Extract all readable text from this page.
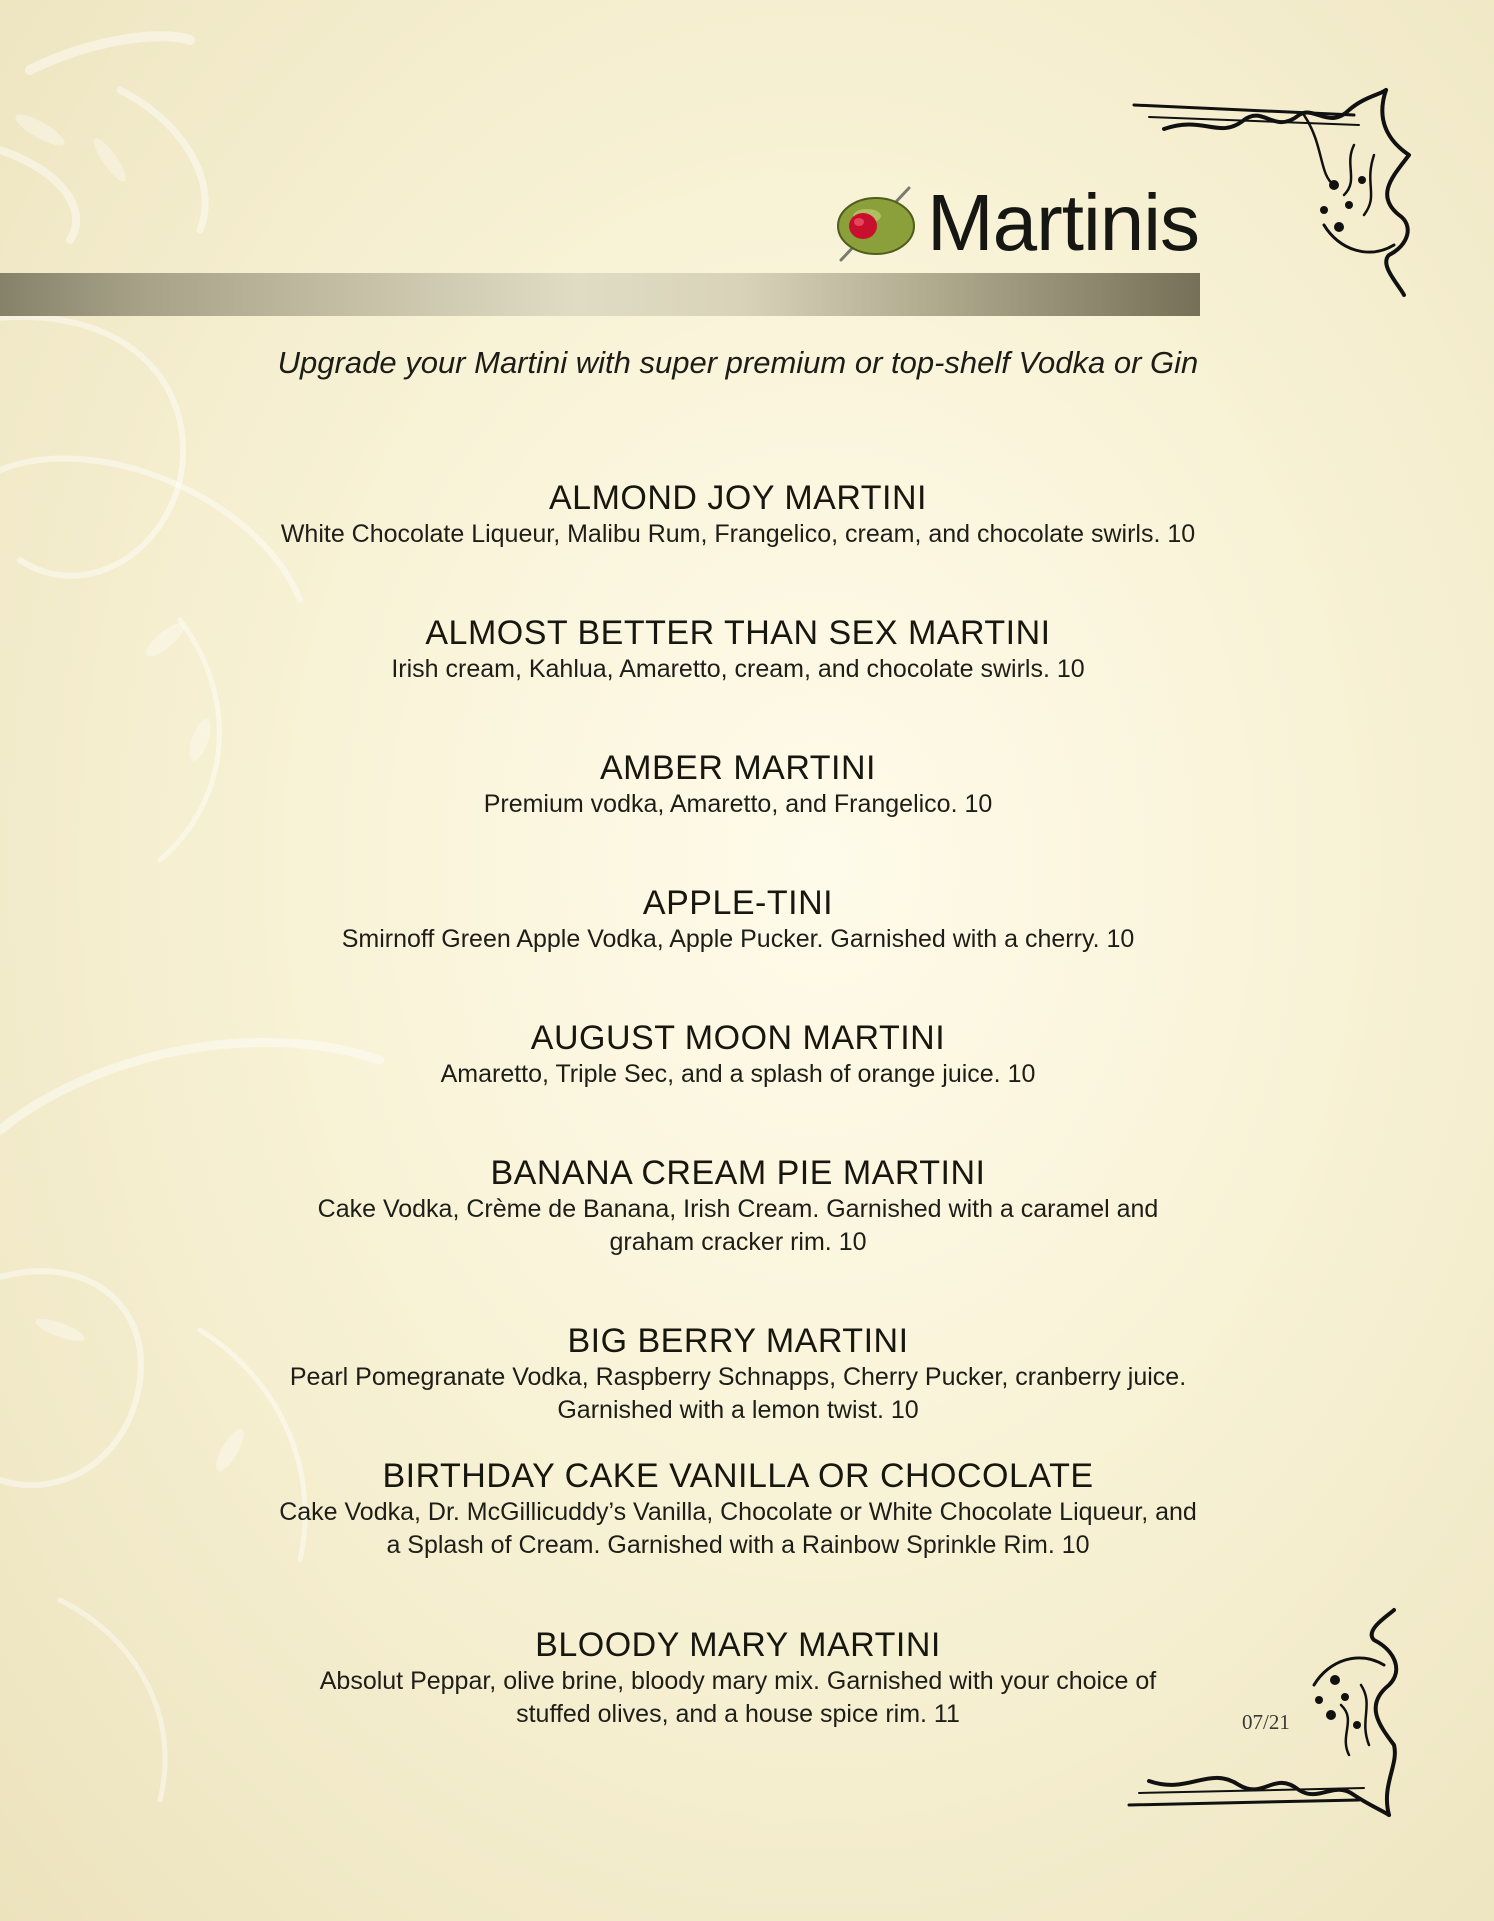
Martinis
Upgrade your Martini with super premium or top-shelf Vodka or Gin
ALMOND JOY MARTINI
White Chocolate Liqueur, Malibu Rum, Frangelico, cream, and chocolate swirls. 10
ALMOST BETTER THAN SEX MARTINI
Irish cream, Kahlua, Amaretto, cream, and chocolate swirls. 10
AMBER MARTINI
Premium vodka, Amaretto, and Frangelico. 10
APPLE-TINI
Smirnoff Green Apple Vodka, Apple Pucker. Garnished with a cherry. 10
AUGUST MOON MARTINI
Amaretto, Triple Sec, and a splash of orange juice. 10
BANANA CREAM PIE MARTINI
Cake Vodka, Crème de Banana, Irish Cream. Garnished with a caramel and
graham cracker rim. 10
BIG BERRY MARTINI
Pearl Pomegranate Vodka, Raspberry Schnapps, Cherry Pucker, cranberry juice.
Garnished with a lemon twist. 10
BIRTHDAY CAKE VANILLA OR CHOCOLATE
Cake Vodka, Dr. McGillicuddy’s Vanilla, Chocolate or White Chocolate Liqueur, and
a Splash of Cream. Garnished with a Rainbow Sprinkle Rim. 10
BLOODY MARY MARTINI
Absolut Peppar, olive brine, bloody mary mix. Garnished with your choice of
stuffed olives, and a house spice rim. 11	07/21
